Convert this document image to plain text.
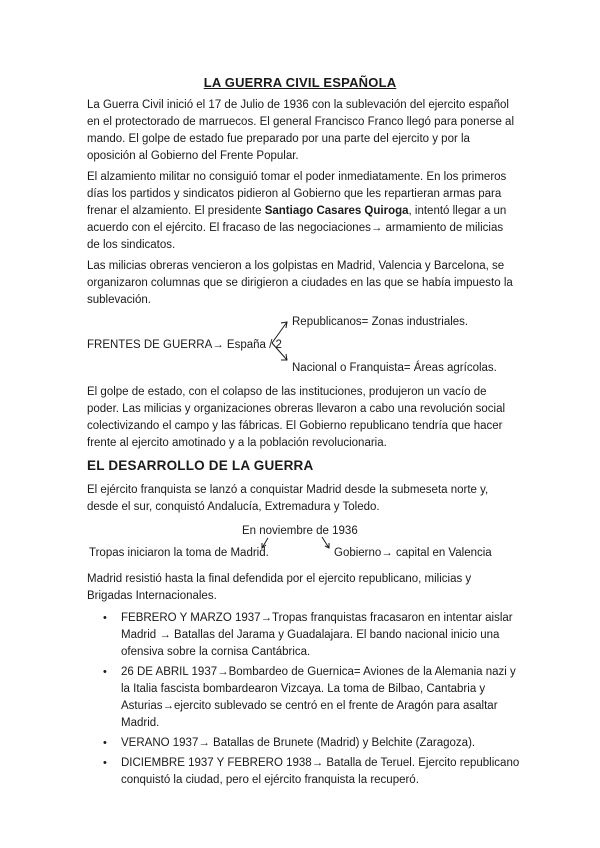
LA GUERRA CIVIL ESPAÑOLA

La Guerra Civil inició el 17 de Julio de 1936 con la sublevación del ejercito español en el protectorado de marruecos. El general Francisco Franco llegó para ponerse al mando. El golpe de estado fue preparado por una parte del ejercito y por la oposición al Gobierno del Frente Popular.

El alzamiento militar no consiguió tomar el poder inmediatamente. En los primeros días los partidos y sindicatos pidieron al Gobierno que les repartieran armas para frenar el alzamiento. El presidente Santiago Casares Quiroga, intentó llegar a un acuerdo con el ejército. El fracaso de las negociaciones→ armamiento de milicias de los sindicatos.

Las milicias obreras vencieron a los golpistas en Madrid, Valencia y Barcelona, se organizaron columnas que se dirigieron a ciudades en las que se había impuesto la sublevación.

Republicanos= Zonas industriales.
FRENTES DE GUERRA→ España / 2
Nacional o Franquista= Áreas agrícolas.

El golpe de estado, con el colapso de las instituciones, produjeron un vacío de poder. Las milicias y organizaciones obreras llevaron a cabo una revolución social colectivizando el campo y las fábricas. El Gobierno republicano tendría que hacer frente al ejercito amotinado y a la población revolucionaria.

EL DESARROLLO DE LA GUERRA

El ejército franquista se lanzó a conquistar Madrid desde la submeseta norte y, desde el sur, conquistó Andalucía, Extremadura y Toledo.

En noviembre de 1936
Tropas iniciaron la toma de Madrid.	Gobierno→ capital en Valencia

Madrid resistió hasta la final defendida por el ejercito republicano, milicias y Brigadas Internacionales.

• FEBRERO Y MARZO 1937→Tropas franquistas fracasaron en intentar aislar Madrid → Batallas del Jarama y Guadalajara. El bando nacional inicio una ofensiva sobre la cornisa Cantábrica.
• 26 DE ABRIL 1937→Bombardeo de Guernica= Aviones de la Alemania nazi y la Italia fascista bombardearon Vizcaya. La toma de Bilbao, Cantabria y Asturias→ejercito sublevado se centró en el frente de Aragón para asaltar Madrid.
• VERANO 1937→ Batallas de Brunete (Madrid) y Belchite (Zaragoza).
• DICIEMBRE 1937 Y FEBRERO 1938→ Batalla de Teruel. Ejercito republicano conquistó la ciudad, pero el ejército franquista la recuperó.
